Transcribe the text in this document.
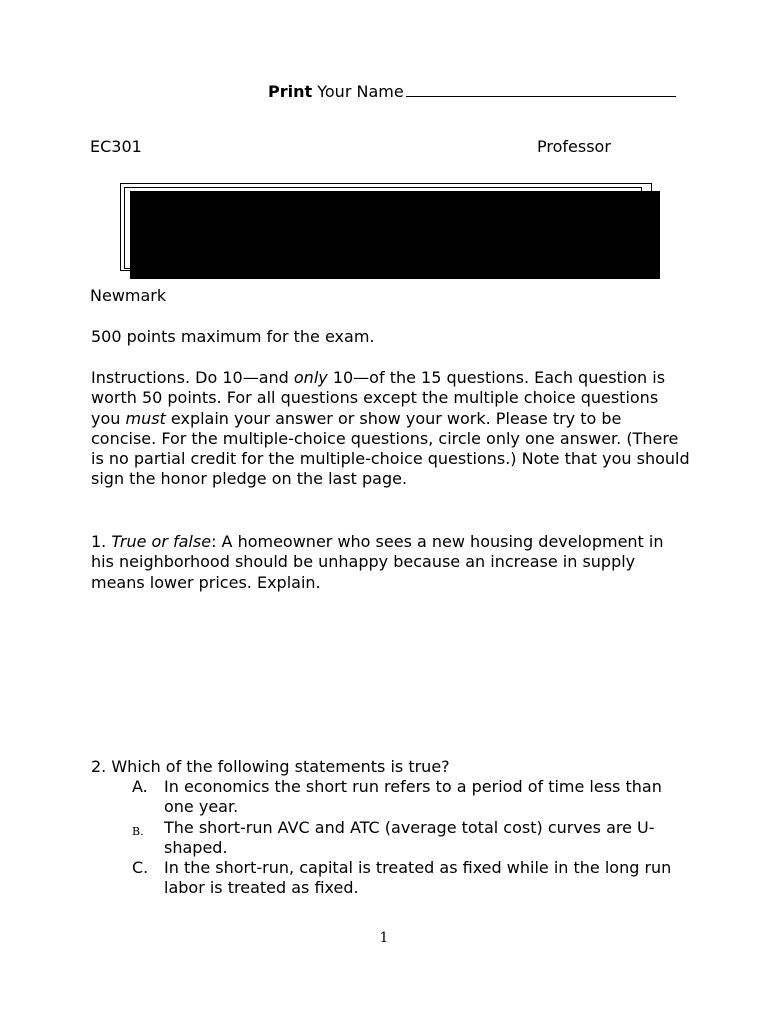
Print Your Name
EC301	Professor
Newmark
500 points maximum for the exam.
Instructions. Do 10—and only 10—of the 15 questions. Each question is worth 50 points. For all questions except the multiple choice questions you must explain your answer or show your work. Please try to be concise. For the multiple-choice questions, circle only one answer. (There is no partial credit for the multiple-choice questions.) Note that you should sign the honor pledge on the last page.
1. True or false: A homeowner who sees a new housing development in his neighborhood should be unhappy because an increase in supply means lower prices. Explain.
2. Which of the following statements is true?
A.	In economics the short run refers to a period of time less than one year.
B.	The short-run AVC and ATC (average total cost) curves are U-shaped.
C. In the short-run, capital is treated as fixed while in the long run labor is treated as fixed.
1
